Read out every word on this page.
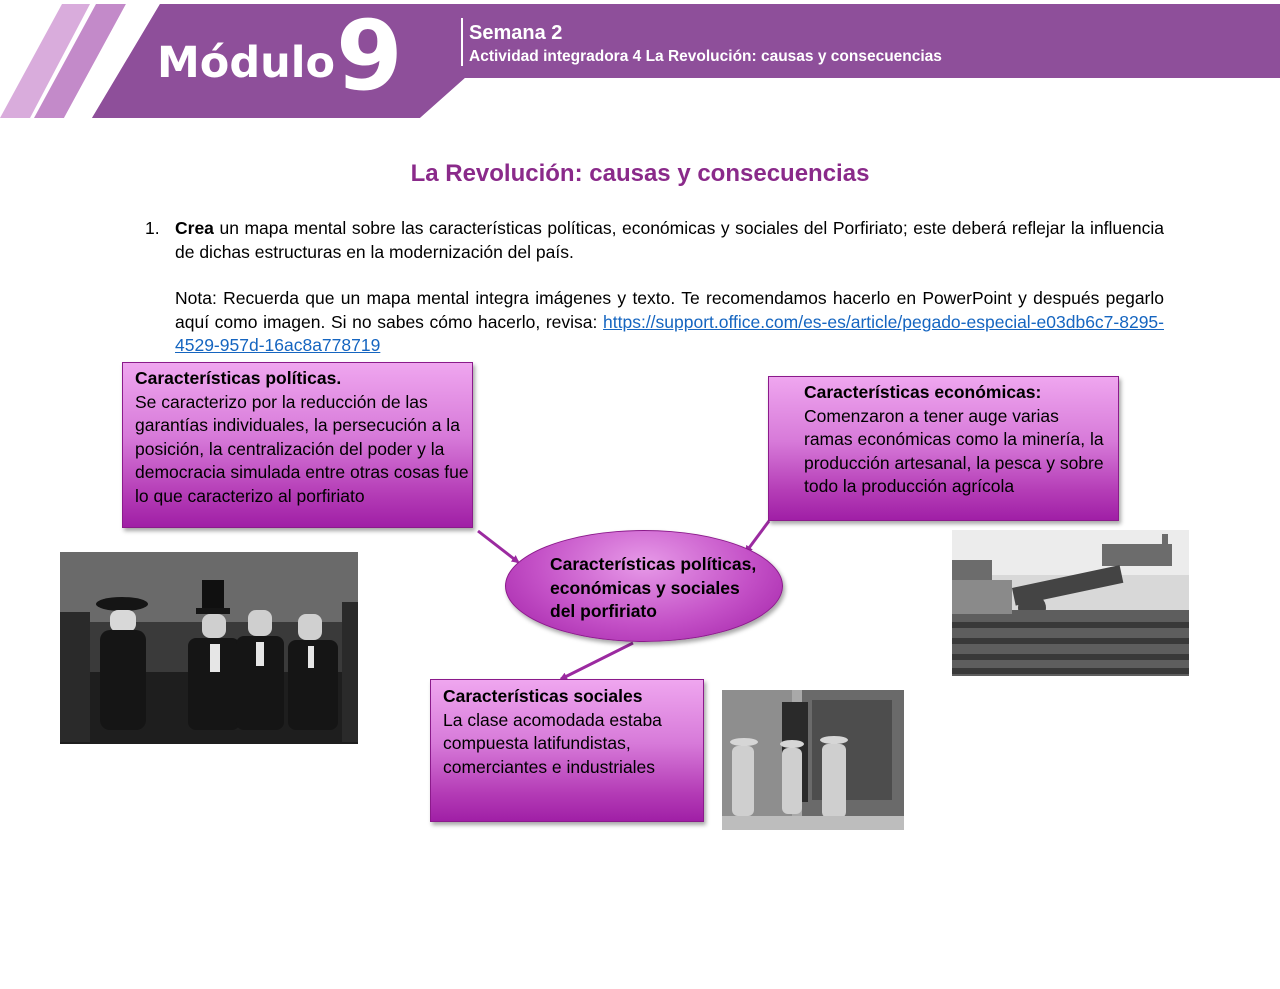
Módulo 9	Semana 2
Actividad integradora 4 La Revolución: causas y consecuencias
La Revolución: causas y consecuencias
1. Crea un mapa mental sobre las características políticas, económicas y sociales del Porfiriato; este deberá reflejar la influencia de dichas estructuras en la modernización del país.
Nota: Recuerda que un mapa mental integra imágenes y texto. Te recomendamos hacerlo en PowerPoint y después pegarlo aquí como imagen. Si no sabes cómo hacerlo, revisa: https://support.office.com/es-es/article/pegado-especial-e03db6c7-8295-4529-957d-16ac8a778719
Características políticas.
Se caracterizo por la reducción de las garantías individuales, la persecución a la posición, la centralización del poder y la democracia simulada entre otras cosas fue lo que caracterizo al porfiriato
Características económicas:
Comenzaron a tener auge varias ramas económicas como la minería, la producción artesanal, la pesca y sobre todo la producción agrícola
Características sociales
La clase acomodada estaba compuesta latifundistas, comerciantes e industriales
Características políticas, económicas y sociales del porfiriato
